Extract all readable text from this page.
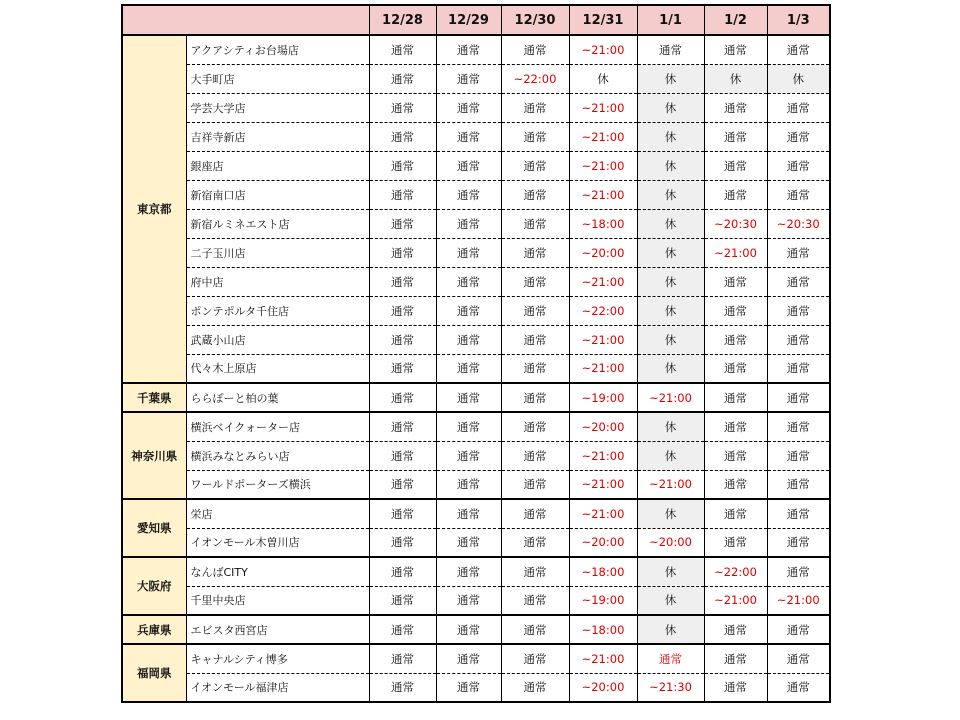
		12/28	12/29	12/30	12/31	1/1	1/2	1/3
東京都	アクアシティお台場店	通常	通常	通常	~21:00	通常	通常	通常
	大手町店	通常	通常	~22:00	休	休	休	休
	学芸大学店	通常	通常	通常	~21:00	休	通常	通常
	吉祥寺新店	通常	通常	通常	~21:00	休	通常	通常
	銀座店	通常	通常	通常	~21:00	休	通常	通常
	新宿南口店	通常	通常	通常	~21:00	休	通常	通常
	新宿ルミネエスト店	通常	通常	通常	~18:00	休	~20:30	~20:30
	二子玉川店	通常	通常	通常	~20:00	休	~21:00	通常
	府中店	通常	通常	通常	~21:00	休	通常	通常
	ポンテポルタ千住店	通常	通常	通常	~22:00	休	通常	通常
	武蔵小山店	通常	通常	通常	~21:00	休	通常	通常
	代々木上原店	通常	通常	通常	~21:00	休	通常	通常
千葉県	ららぽーと柏の葉	通常	通常	通常	~19:00	~21:00	通常	通常
神奈川県	横浜ベイクォーター店	通常	通常	通常	~20:00	休	通常	通常
	横浜みなとみらい店	通常	通常	通常	~21:00	休	通常	通常
	ワールドポーターズ横浜	通常	通常	通常	~21:00	~21:00	通常	通常
愛知県	栄店	通常	通常	通常	~21:00	休	通常	通常
	イオンモール木曽川店	通常	通常	通常	~20:00	~20:00	通常	通常
大阪府	なんばCITY	通常	通常	通常	~18:00	休	~22:00	通常
	千里中央店	通常	通常	通常	~19:00	休	~21:00	~21:00
兵庫県	エビスタ西宮店	通常	通常	通常	~18:00	休	通常	通常
福岡県	キャナルシティ博多	通常	通常	通常	~21:00	通常	通常	通常
	イオンモール福津店	通常	通常	通常	~20:00	~21:30	通常	通常
